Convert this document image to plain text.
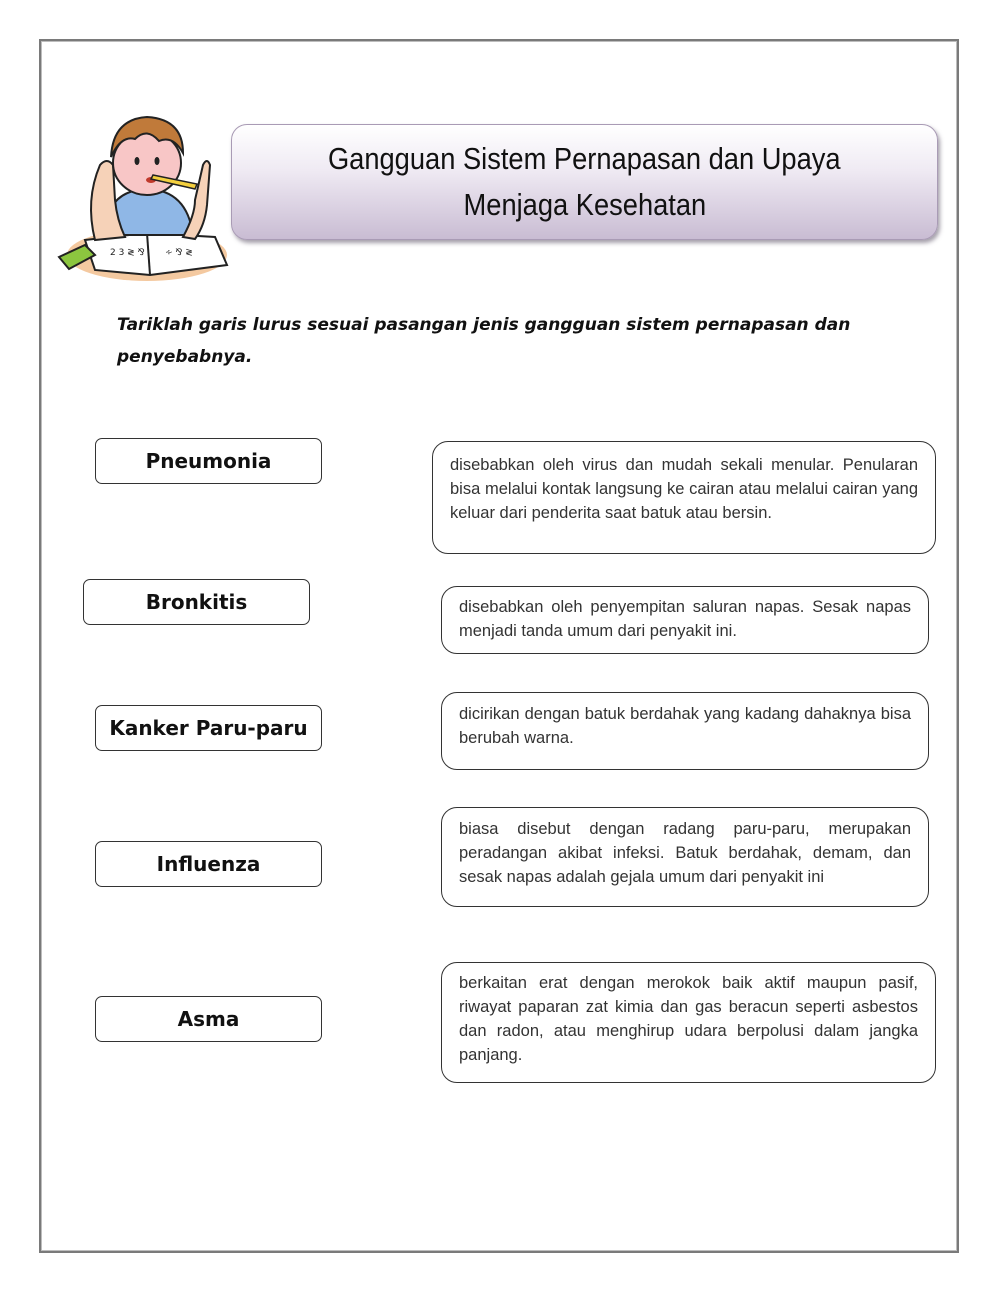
2 3 ≷ ⅋ ∻ ⅋ ≷
Gangguan Sistem Pernapasan dan Upaya
Menjaga Kesehatan
Tariklah garis lurus sesuai pasangan jenis gangguan sistem pernapasan dan penyebabnya.
Pneumonia
Bronkitis
Kanker Paru-paru
Influenza
Asma
disebabkan oleh virus dan mudah sekali menular. Penularan bisa melalui kontak langsung ke cairan atau melalui cairan yang keluar dari penderita saat batuk atau bersin.
disebabkan oleh penyempitan saluran napas. Sesak napas menjadi tanda umum dari penyakit ini.
dicirikan dengan batuk berdahak yang kadang dahaknya bisa berubah warna.
biasa disebut dengan radang paru-paru, merupakan peradangan akibat infeksi. Batuk berdahak, demam, dan sesak napas adalah gejala umum dari penyakit ini
berkaitan erat dengan merokok baik aktif maupun pasif, riwayat paparan zat kimia dan gas beracun seperti asbestos dan radon, atau menghirup udara berpolusi dalam jangka panjang.
